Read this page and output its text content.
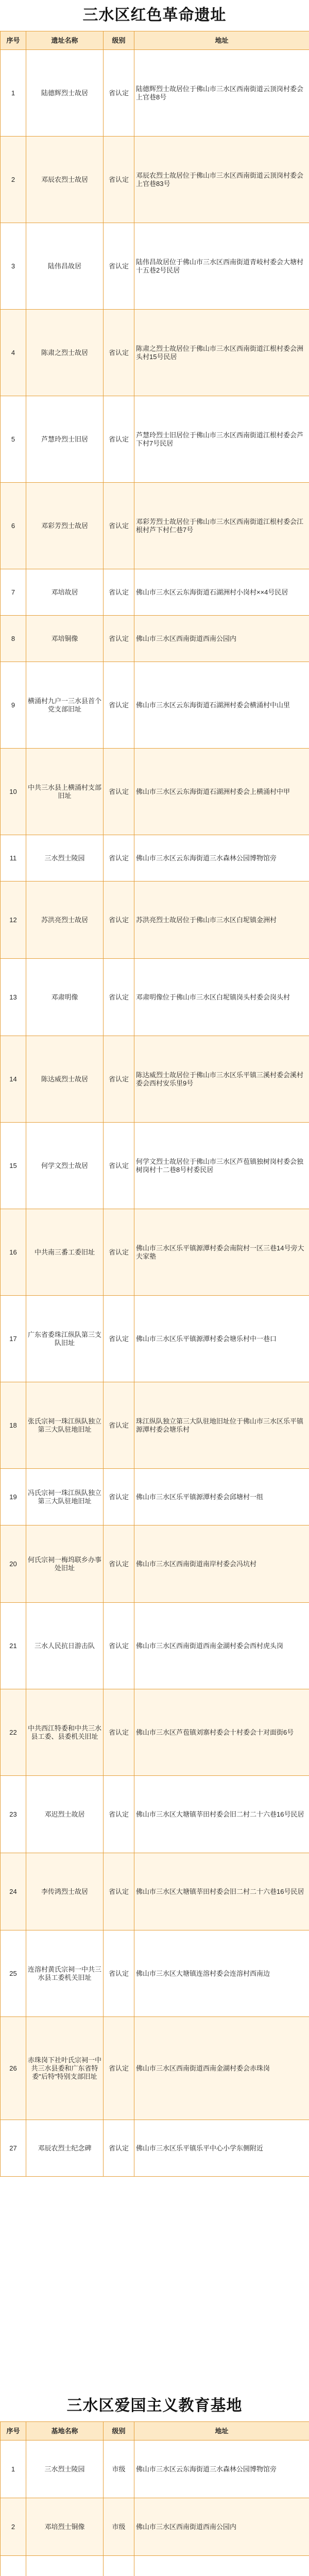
三水区红色革命遗址
序号	遗址名称	级别	地址
1	陆德辉烈士故居	省认定	陆德辉烈士故居位于佛山市三水区西南街道云顶岗村委会上官巷8号
2	邓辰农烈士故居	省认定	邓辰农烈士故居位于佛山市三水区西南街道云顶岗村委会上官巷83号
3	陆伟昌故居	省认定	陆伟昌故居位于佛山市三水区西南街道青岐村委会大塘村十五巷2号民居
4	陈肃之烈士故居	省认定	陈肃之烈士故居位于佛山市三水区西南街道江根村委会洲头村15号民居
5	芦慧玲烈士旧居	省认定	芦慧玲烈士旧居位于佛山市三水区西南街道江根村委会芦下村7号民居
6	邓彩芳烈士故居	省认定	邓彩芳烈士故居位于佛山市三水区西南街道江根村委会江根村芦下村仁巷7号
7	邓培故居	省认定	佛山市三水区云东海街道石湖洲村小岗村××4号民居
8	邓培铜像	省认定	佛山市三水区西南街道西南公园内
9	横涌村九户一三水县首个党支部旧址	省认定	佛山市三水区云东海街道石湖洲村委会横涌村中山里
10	中共三水县上横涌村支部旧址	省认定	佛山市三水区云东海街道石湖洲村委会上横涌村中甲
11	三水烈士陵园	省认定	佛山市三水区云东海街道三水森林公园博物馆旁
12	苏洪亮烈士故居	省认定	苏洪亮烈士故居位于佛山市三水区白坭镇金洲村
13	邓肃明像	省认定	邓肃明像位于佛山市三水区白坭镇岗头村委会岗头村
14	陈达威烈士故居	省认定	陈达威烈士故居位于佛山市三水区乐平镇三溪村委会溪村委会西村安乐里9号
15	何学文烈士故居	省认定	何学文烈士故居位于佛山市三水区芦苞镇独树岗村委会独树岗村十二巷8号村委民居
16	中共南三番工委旧址	省认定	佛山市三水区乐平镇源潭村委会南院村一区三巷14号旁大夫家塾
17	广东省委珠江纵队第三支队旧址	省认定	佛山市三水区乐平镇源潭村委会塘乐村中一巷口
18	张氏宗祠一珠江纵队独立第三大队驻地旧址	省认定	珠江纵队独立第三大队驻地旧址位于佛山市三水区乐平镇源潭村委会塘乐村
19	冯氏宗祠一珠江纵队独立第三大队驻地旧址	省认定	佛山市三水区乐平镇源潭村委会邱塘村一组
20	何氏宗祠一梅坞联乡办事处旧址	省认定	佛山市三水区西南街道南岸村委会冯坑村
21	三水人民抗日游击队	省认定	佛山市三水区西南街道西南金湖村委会西村虎头岗
22	中共西江特委和中共三水县工委、县委机关旧址	省认定	佛山市三水区芦苞镇刘寨村委会十村委会十对面街6号
23	邓迟烈士故居	省认定	佛山市三水区大塘镇莘田村委会旧二村二十六巷16号民居
24	李传鸿烈士故居	省认定	佛山市三水区大塘镇莘田村委会旧二村二十六巷16号民居
25	连溶村黄氏宗祠一中共三水县工委机关旧址	省认定	佛山市三水区大塘镇连溶村委会连溶村西南边
26	赤珠岗下社叶氏宗祠一中共三水县委和广东省特委"后特"特别支部旧址	省认定	佛山市三水区西南街道西南金湖村委会赤珠岗
27	邓辰农烈士纪念碑	省认定	佛山市三水区乐平镇乐平中心小学东侧附近
三水区爱国主义教育基地
序号	基地名称	级别	地址
1	三水烈士陵园	市级	佛山市三水区云东海街道三水森林公园博物馆旁
2	邓培烈士铜像	市级	佛山市三水区西南街道西南公园内
